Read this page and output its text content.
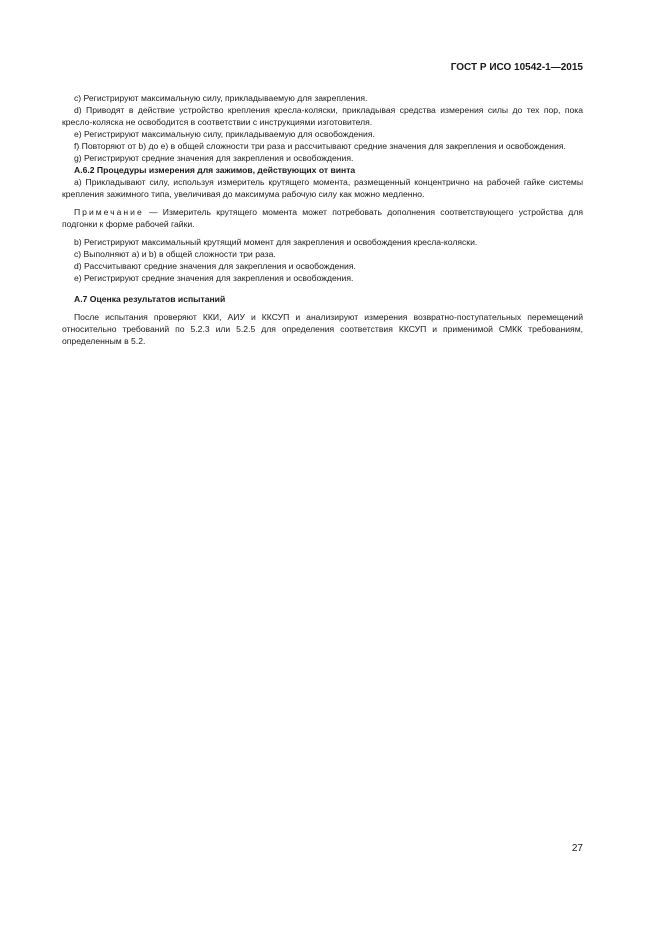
ГОСТ Р ИСО 10542-1—2015

c) Регистрируют максимальную силу, прикладываемую для закрепления.

d) Приводят в действие устройство крепления кресла-коляски, прикладывая средства измерения силы до тех пор, пока кресло-коляска не освободится в соответствии с инструкциями изготовителя.

e) Регистрируют максимальную силу, прикладываемую для освобождения.

f) Повторяют от b) до e) в общей сложности три раза и рассчитывают средние значения для закрепления и освобождения.

g) Регистрируют средние значения для закрепления и освобождения.

А.6.2 Процедуры измерения для зажимов, действующих от винта

a) Прикладывают силу, используя измеритель крутящего момента, размещенный концентрично на рабочей гайке системы крепления зажимного типа, увеличивая до максимума рабочую силу как можно медленно.

Примечание — Измеритель крутящего момента может потребовать дополнения соответствующего устройства для подгонки к форме рабочей гайки.

b) Регистрируют максимальный крутящий момент для закрепления и освобождения кресла-коляски.

c) Выполняют a) и b) в общей сложности три раза.

d) Рассчитывают средние значения для закрепления и освобождения.

e) Регистрируют средние значения для закрепления и освобождения.

А.7 Оценка результатов испытаний

После испытания проверяют ККИ, АИУ и ККСУП и анализируют измерения возвратно-поступательных перемещений относительно требований по 5.2.3 или 5.2.5 для определения соответствия ККСУП и применимой СМКК требованиям, определенным в 5.2.

27
